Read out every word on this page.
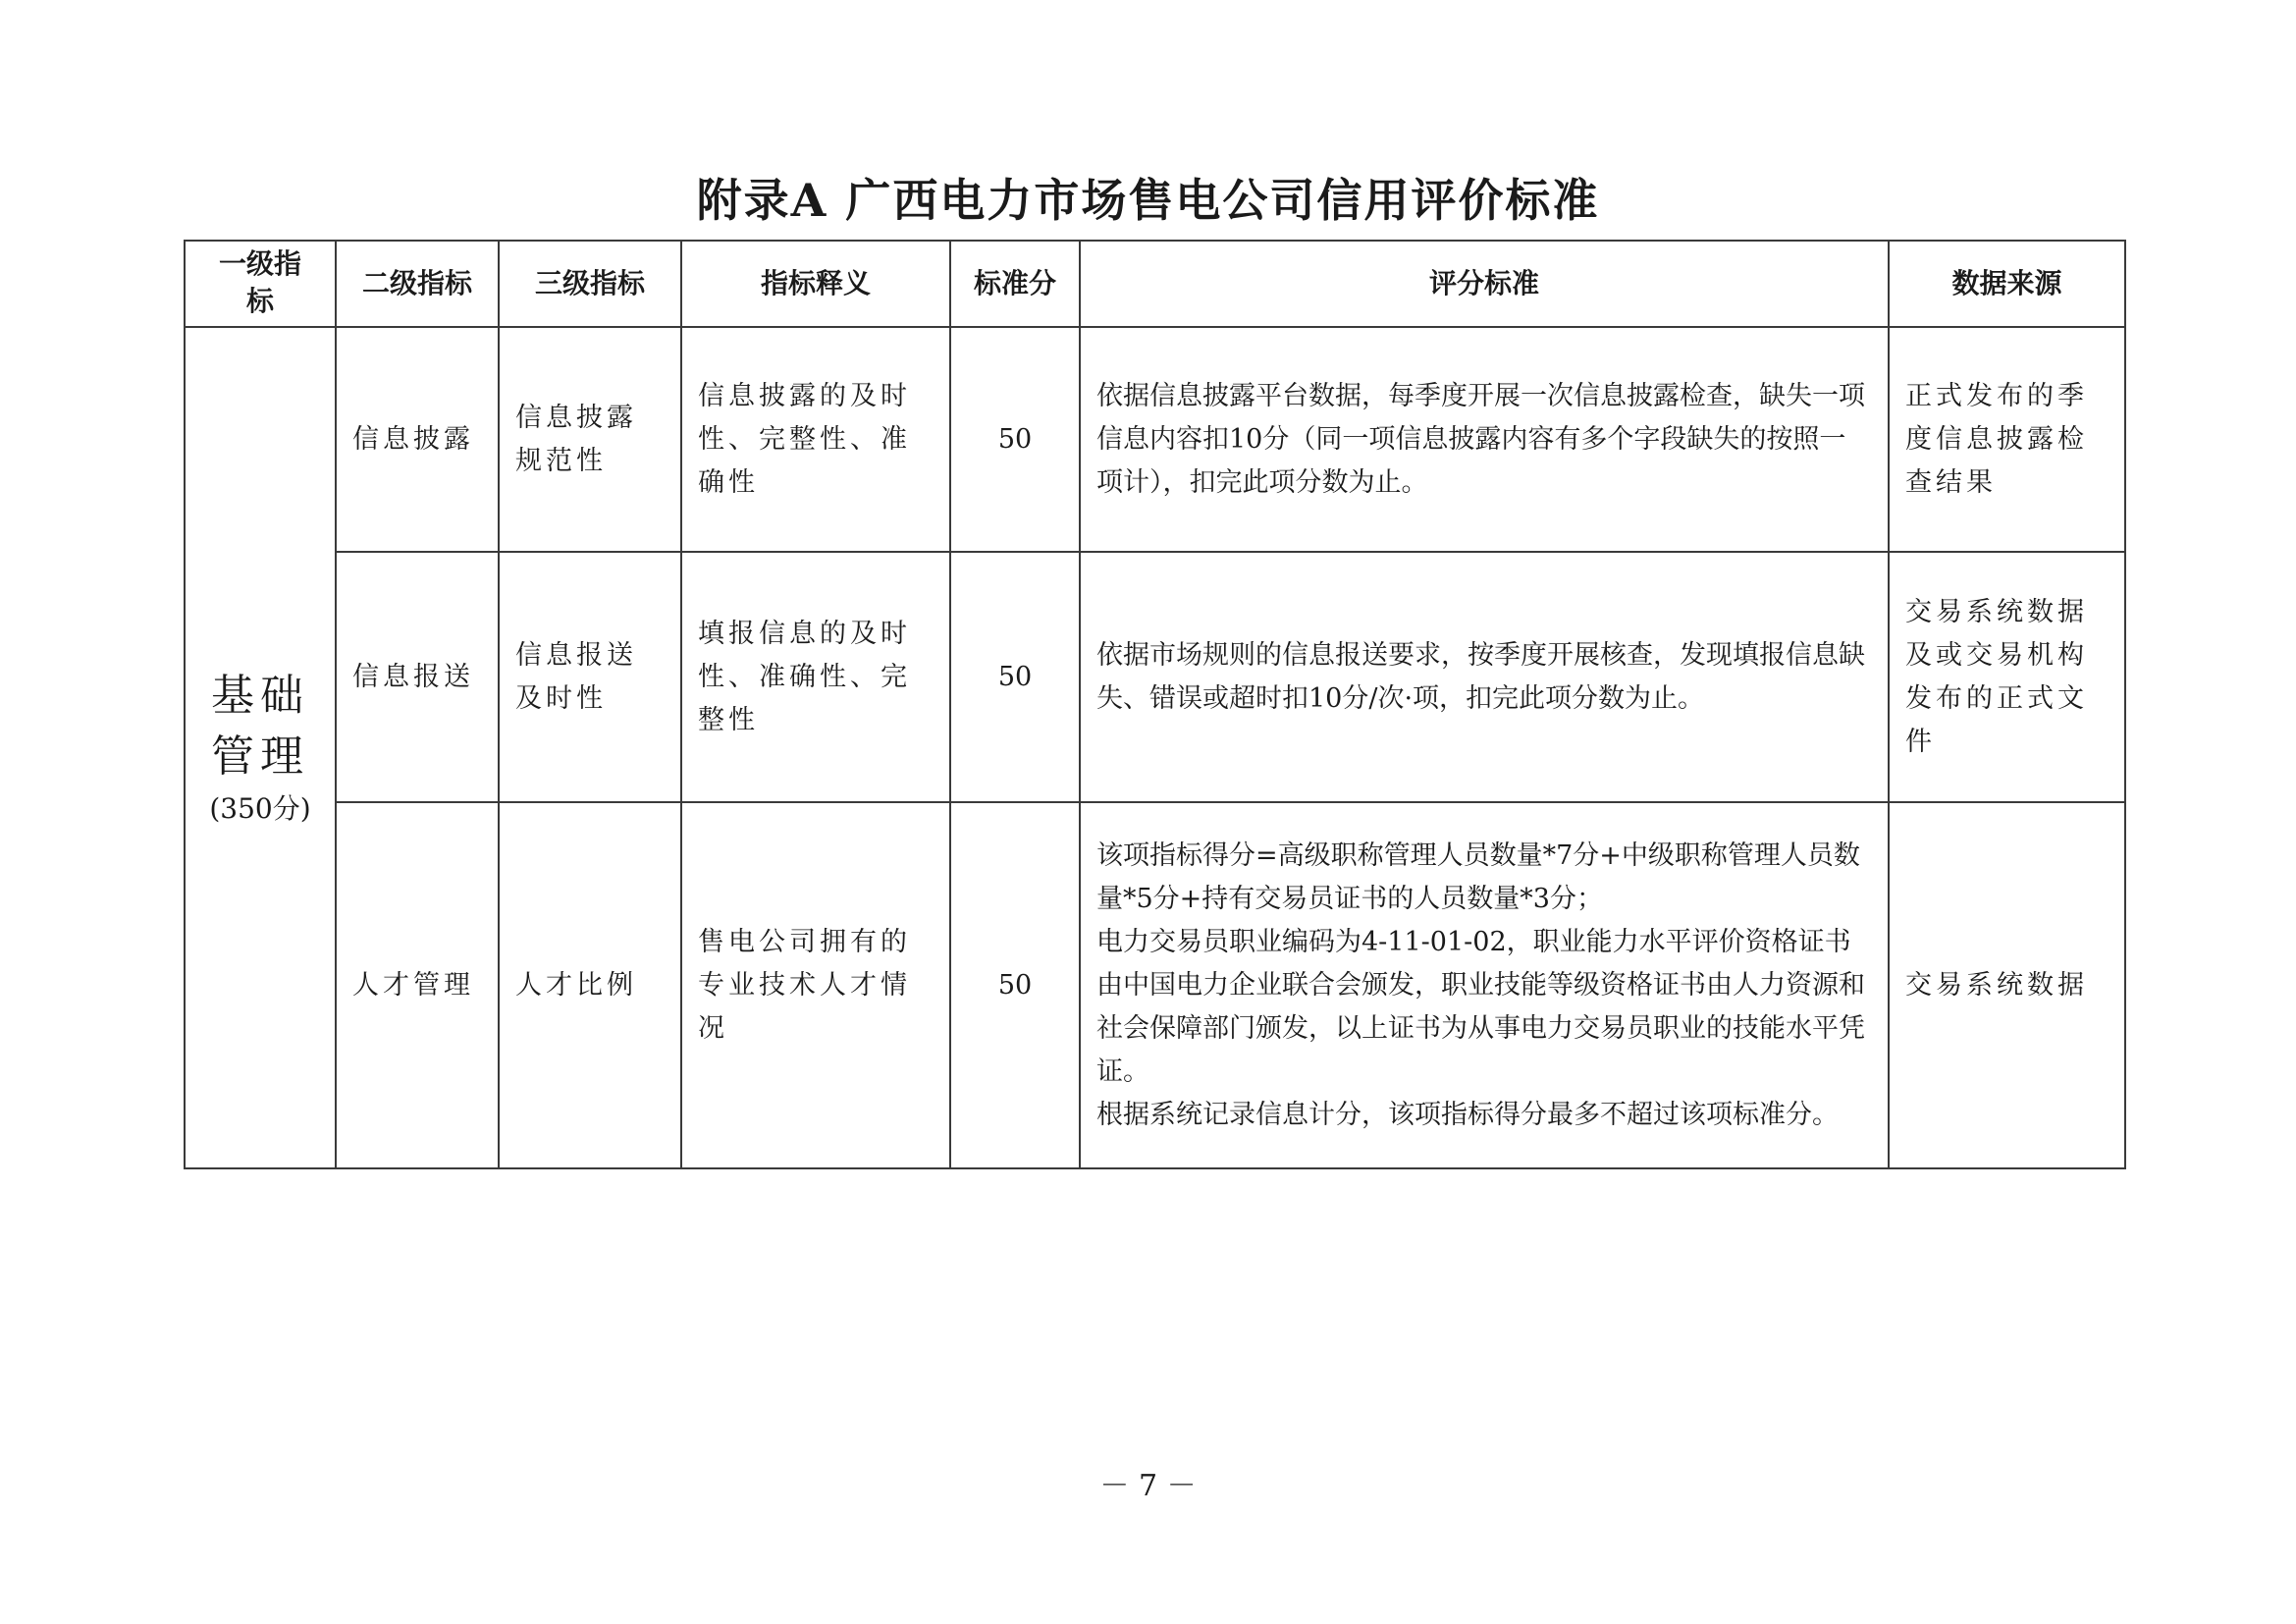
附录A 广西电力市场售电公司信用评价标准
一级指标	二级指标	三级指标	指标释义	标准分	评分标准	数据来源

基础管理
(350分)	信息披露	信息披露规范性	信息披露的及时性、完整性、准确性	50	依据信息披露平台数据，每季度开展一次信息披露检查，缺失一项信息内容扣10分（同一项信息披露内容有多个字段缺失的按照一项计），扣完此项分数为止。	正式发布的季度信息披露检查结果
	信息报送	信息报送及时性	填报信息的及时性、准确性、完整性	50	依据市场规则的信息报送要求，按季度开展核查，发现填报信息缺失、错误或超时扣10分/次·项，扣完此项分数为止。	交易系统数据及或交易机构发布的正式文件
	人才管理	人才比例	售电公司拥有的专业技术人才情况	50	该项指标得分=高级职称管理人员数量*7分+中级职称管理人员数量*5分+持有交易员证书的人员数量*3分；
电力交易员职业编码为4-11-01-02，职业能力水平评价资格证书由中国电力企业联合会颁发，职业技能等级资格证书由人力资源和社会保障部门颁发，以上证书为从事电力交易员职业的技能水平凭证。
根据系统记录信息计分，该项指标得分最多不超过该项标准分。	交易系统数据
－ 7 －
